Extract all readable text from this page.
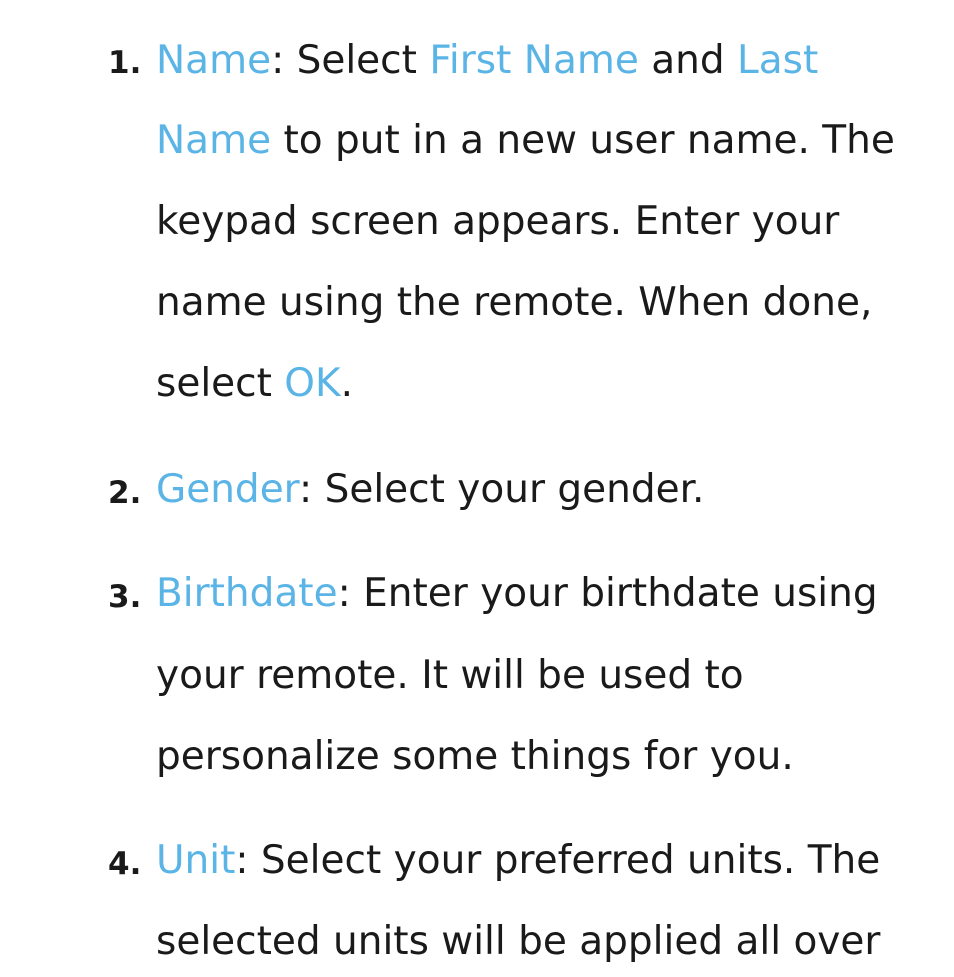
1. Name: Select First Name and Last
Name to put in a new user name. The
keypad screen appears. Enter your
name using the remote. When done,
select OK.
2. Gender: Select your gender.
3. Birthdate: Enter your birthdate using
your remote. It will be used to
personalize some things for you.
4. Unit: Select your preferred units. The
selected units will be applied all over
